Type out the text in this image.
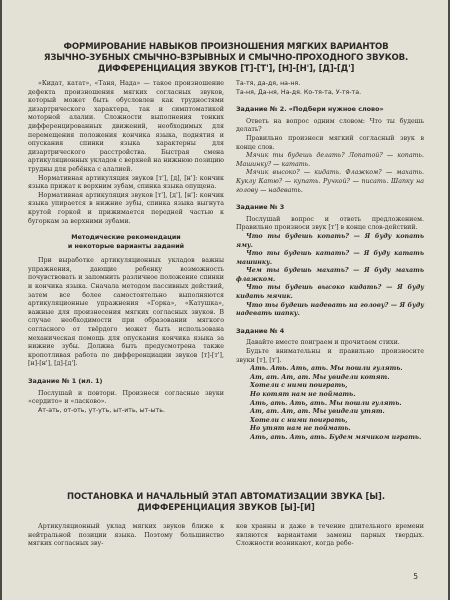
ФОРМИРОВАНИЕ НАВЫКОВ ПРОИЗНОШЕНИЯ МЯГКИХ ВАРИАНТОВ
ЯЗЫЧНО-ЗУБНЫХ СМЫЧНО-ВЗРЫВНЫХ И СМЫЧНО-ПРОХОДНОГО ЗВУКОВ.
ДИФФЕРЕНЦИАЦИЯ ЗВУКОВ [Т]-[Т'], [Н]-[Н'], [Д]-[Д']

«Кидат, катат», «Таня, Нада» — такое произношение дефекта произношения мягких согласных звуков, который может быть обусловлен как трудностями дизартрического характера, так и симптоматикой моторной алалии. Сложности выполнения тонких дифференцированных движений, необходимых для перемещения положения кончика языка, поднятия и опускания спинки языка характерны для дизартрического расстройства. Быстрая смена артикуляционных укладов с верхней на нижнюю позицию трудны для ребёнка с алалией.

Нормативная артикуляция звуков [т'], [д], [н']: кончик языка прижат к верхним зубам, спинка языка опущена.

Нормативная артикуляция звуков [т'], [д'], [н']: кончик языка упирается в нижние зубы, спинка языка выгнута крутой горкой и прижимается передней частью к бугоркам за верхними зубами.

Методические рекомендации
и некоторые варианты заданий

При выработке артикуляционных укладов важны упражнения, дающие ребенку возможность почувствовать и запомнить различное положение спинки и кончика языка. Сначала методом пассивных действий, затем все более самостоятельно выполняются артикуляционные упражнения «Горка», «Катушка», важные для произнесения мягких согласных звуков. В случае необходимости при образовании мягкого согласного от твёрдого может быть использована механическая помощь для опускания кончика языка за нижние зубы. Должна быть предусмотрена также кропотливая работа по дифференциации звуков [т]-[т'], [н]-[н'], [д]-[д'].

Задание № 1 (ил. 1)

Послушай и повтори. Произнеси согласные звуки «сердито» и «ласково».

Ат-ать, от-оть, ут-уть, ыт-ить, ыт-ыть.

Та-тя, да-дя, на-ня.
Та-ня, Да-ня, На-дя. Ко-тя-та, У-тя-та.

Задание № 2. «Подбери нужное слово»

Ответь на вопрос одним словом: Что ты будешь делать?

Правильно произнеси мягкий согласный звук в конце слов.

Мячик ты будешь делать? Лопатой? — копать. Машинку? — катать.

Мячик высоко? — кидать. Флажком? — махать. Куклу Катю? — купать. Ручкой? — писать. Шапку на голову — надевать.

Задание № 3

Послушай вопрос и ответь предложением. Правильно произноси звук [т'] в конце слов-действий.

Что ты будешь копать? — Я буду копать яму.

Что ты будешь катать? — Я буду катать машинку.

Чем ты будешь махать? — Я буду махать флажком.

Что ты будешь высоко кидать? — Я буду кидать мячик.

Что ты будешь надевать на голову? — Я буду надевать шапку.

Задание № 4

Давайте вместе поиграем и прочитаем стихи.

Будьте внимательны и правильно произносите звуки [т], [т'].

Ать. Ать. Ать, ать. Мы пошли гулять.
Ат, ат. Ат, ат. Мы увидели котят.
Хотели с ними поиграть,
Но котят нам не поймать.
Ать, ать. Ать, ать. Мы пошли гулять.
Ат, ат. Ат, ат. Мы увидели утят.
Хотели с ними поиграть,
Но утят нам не поймать.
Ать, ать. Ать, ать. Будем мячиком играть.

ПОСТАНОВКА И НАЧАЛЬНЫЙ ЭТАП АВТОМАТИЗАЦИИ ЗВУКА [Ы].
ДИФФЕРЕНЦИАЦИЯ ЗВУКОВ [Ы]-[И]

Артикуляционный уклад мягких звуков ближе к нейтральной позиции языка. Поэтому большинство мягких согласных зву-

ков хранны и даже в течение длительного времени являются вариантами замены парных твердых. Сложности возникают, когда ребе-

5
